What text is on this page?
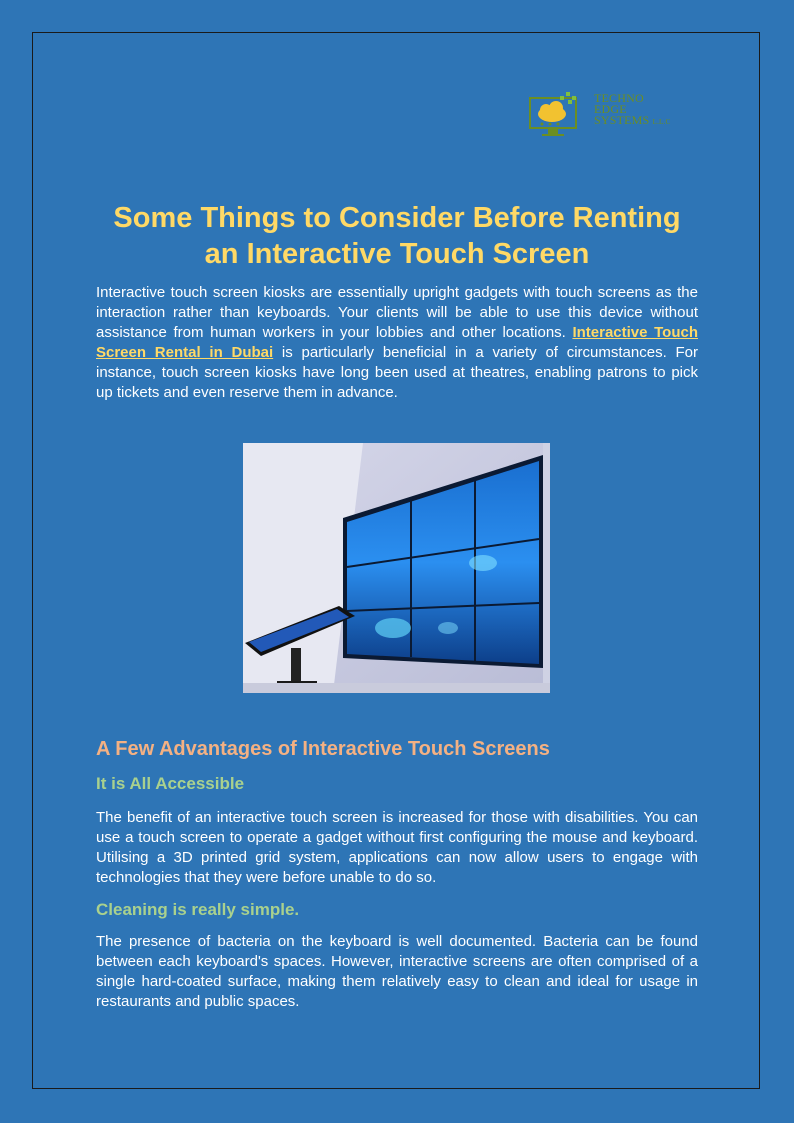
TECHNO
EDGE
SYSTEMS L.L.C
Some Things to Consider Before Renting an Interactive Touch Screen

Interactive touch screen kiosks are essentially upright gadgets with touch screens as the interaction rather than keyboards. Your clients will be able to use this device without assistance from human workers in your lobbies and other locations. Interactive Touch Screen Rental in Dubai is particularly beneficial in a variety of circumstances. For instance, touch screen kiosks have long been used at theatres, enabling patrons to pick up tickets and even reserve them in advance.

A Few Advantages of Interactive Touch Screens
It is All Accessible

The benefit of an interactive touch screen is increased for those with disabilities. You can use a touch screen to operate a gadget without first configuring the mouse and keyboard. Utilising a 3D printed grid system, applications can now allow users to engage with technologies that they were before unable to do so.

Cleaning is really simple.

The presence of bacteria on the keyboard is well documented. Bacteria can be found between each keyboard's spaces. However, interactive screens are often comprised of a single hard-coated surface, making them relatively easy to clean and ideal for usage in restaurants and public spaces.
